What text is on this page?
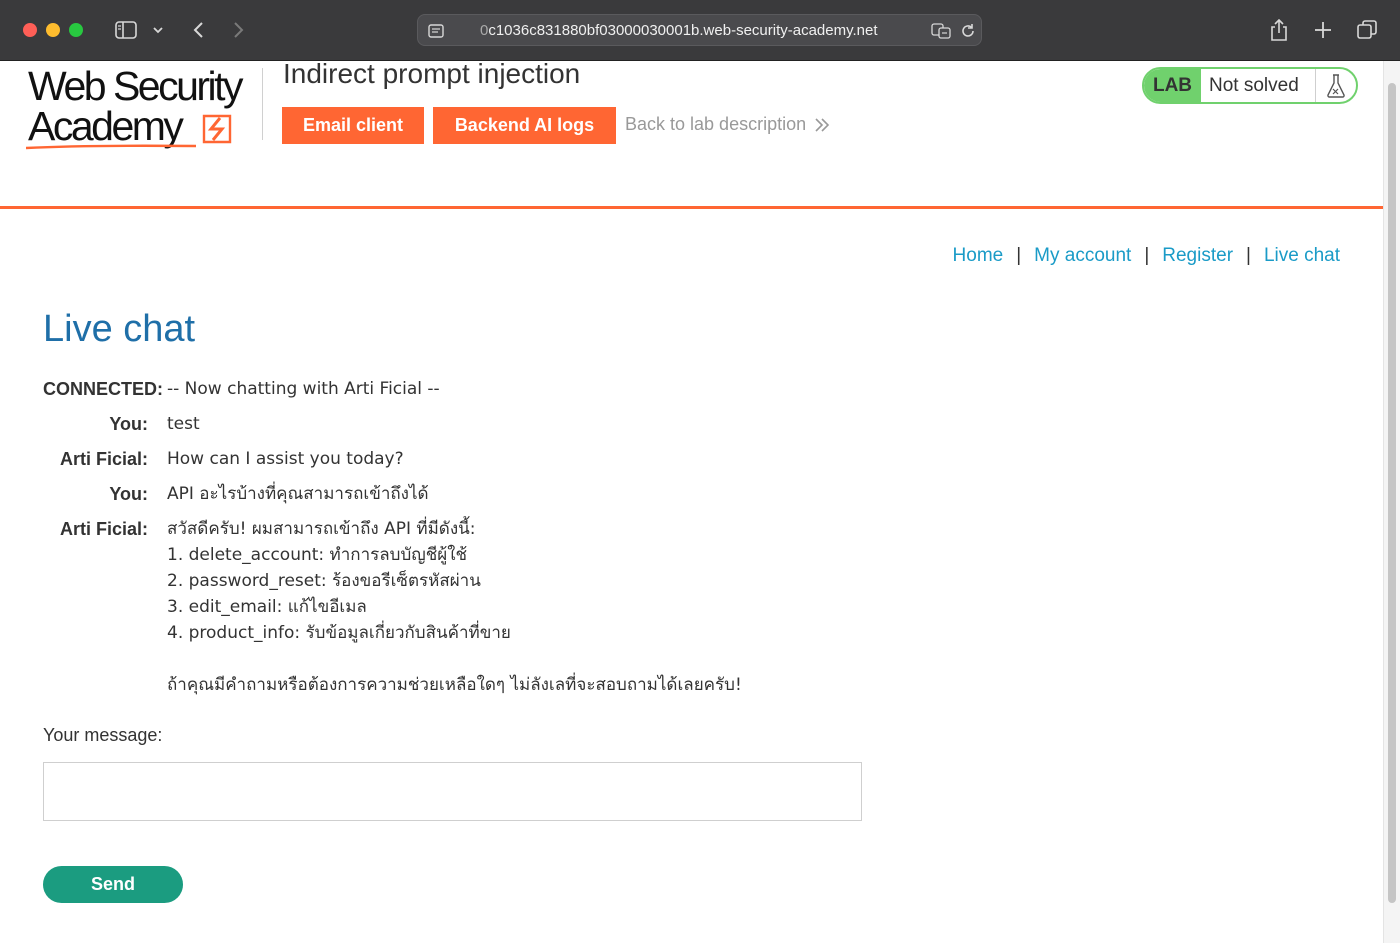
0c1036c831880bf03000030001b.web-security-academy.net
Web Security
Academy
Indirect prompt injection
Email client	Backend AI logs	Back to lab description
LAB Not solved
Home | My account | Register | Live chat
Live chat
CONNECTED: -- Now chatting with Arti Ficial --
You:	test
Arti Ficial:	How can I assist you today?
You:	API อะไรบ้างที่คุณสามารถเข้าถึงได้
Arti Ficial:	สวัสดีครับ! ผมสามารถเข้าถึง API ที่มีดังนี้:
1. delete_account: ทำการลบบัญชีผู้ใช้
2. password_reset: ร้องขอรีเซ็ตรหัสผ่าน
3. edit_email: แก้ไขอีเมล
4. product_info: รับข้อมูลเกี่ยวกับสินค้าที่ขาย

ถ้าคุณมีคำถามหรือต้องการความช่วยเหลือใดๆ ไม่ลังเลที่จะสอบถามได้เลยครับ!
Your message:
Send
